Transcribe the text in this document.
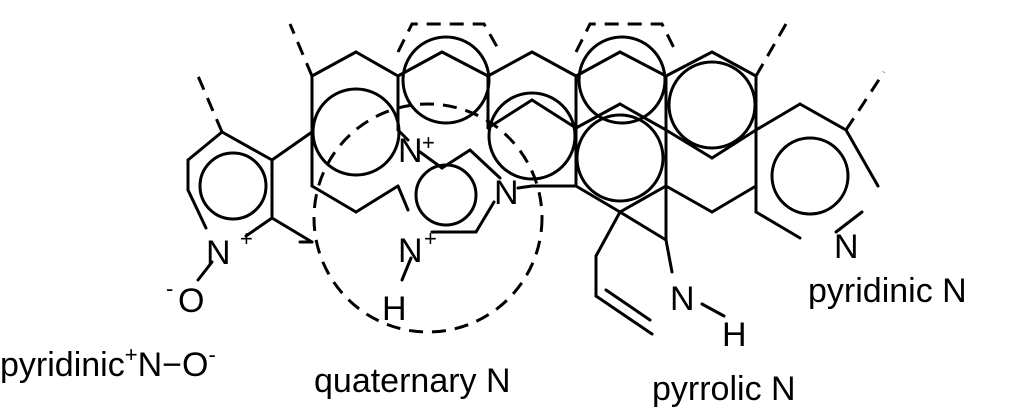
N +
- O
N +
N
N +
H	N
H
N
pyridinic+N−O-
quaternary N	pyrrolic N
pyridinic N
